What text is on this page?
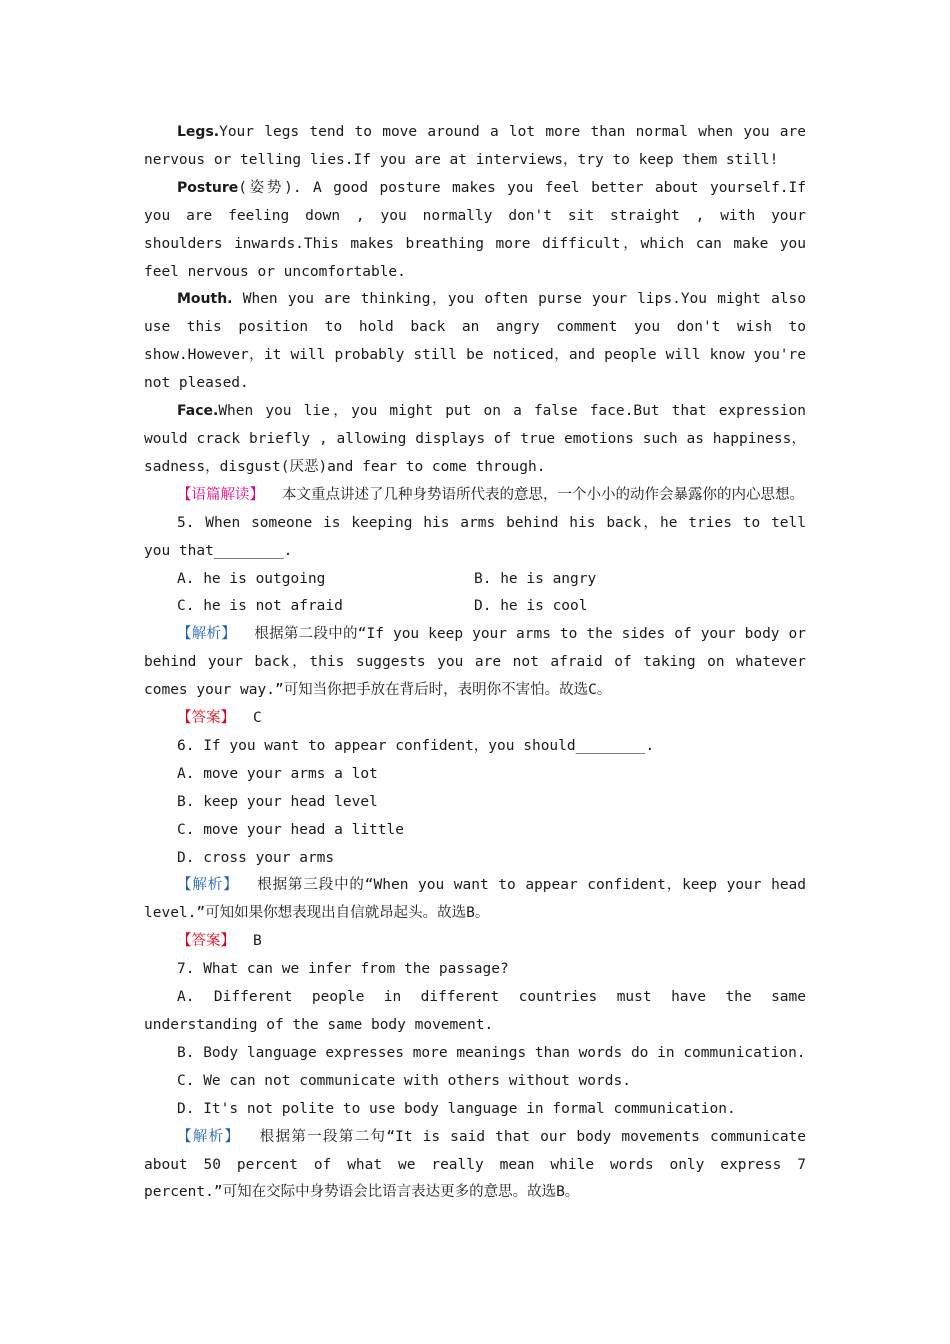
Legs.Your legs tend to move around a lot more than normal when you are nervous or telling lies.If you are at interviews，try to keep them still!

Posture(姿势). A good posture makes you feel better about yourself.If you are feeling down , you normally don't sit straight , with your shoulders inwards.This makes breathing more difficult，which can make you feel nervous or uncomfortable.

Mouth. When you are thinking，you often purse your lips.You might also use this position to hold back an angry comment you don't wish to show.However，it will probably still be noticed，and people will know you're not pleased.

Face.When you lie，you might put on a false face.But that expression would crack briefly , allowing displays of true emotions such as happiness，sadness，disgust(厌恶)and fear to come through.

【语篇解读】 本文重点讲述了几种身势语所代表的意思，一个小小的动作会暴露你的内心思想。

5. When someone is keeping his arms behind his back，he tries to tell you that________.

A. he is outgoing	B. he is angry
C. he is not afraid	D. he is cool

【解析】 根据第二段中的“If you keep your arms to the sides of your body or behind your back，this suggests you are not afraid of taking on whatever comes your way.”可知当你把手放在背后时，表明你不害怕。故选C。

【答案】 C

6. If you want to appear confident，you should________.

A. move your arms a lot

B. keep your head level

C. move your head a little

D. cross your arms

【解析】 根据第三段中的“When you want to appear confident，keep your head level.”可知如果你想表现出自信就昂起头。故选B。

【答案】 B

7. What can we infer from the passage?

A. Different people in different countries must have the same understanding of the same body movement.

B. Body language expresses more meanings than words do in communication.

C. We can not communicate with others without words.

D. It's not polite to use body language in formal communication.

【解析】 根据第一段第二句“It is said that our body movements communicate about 50 percent of what we really mean while words only express 7 percent.”可知在交际中身势语会比语言表达更多的意思。故选B。
